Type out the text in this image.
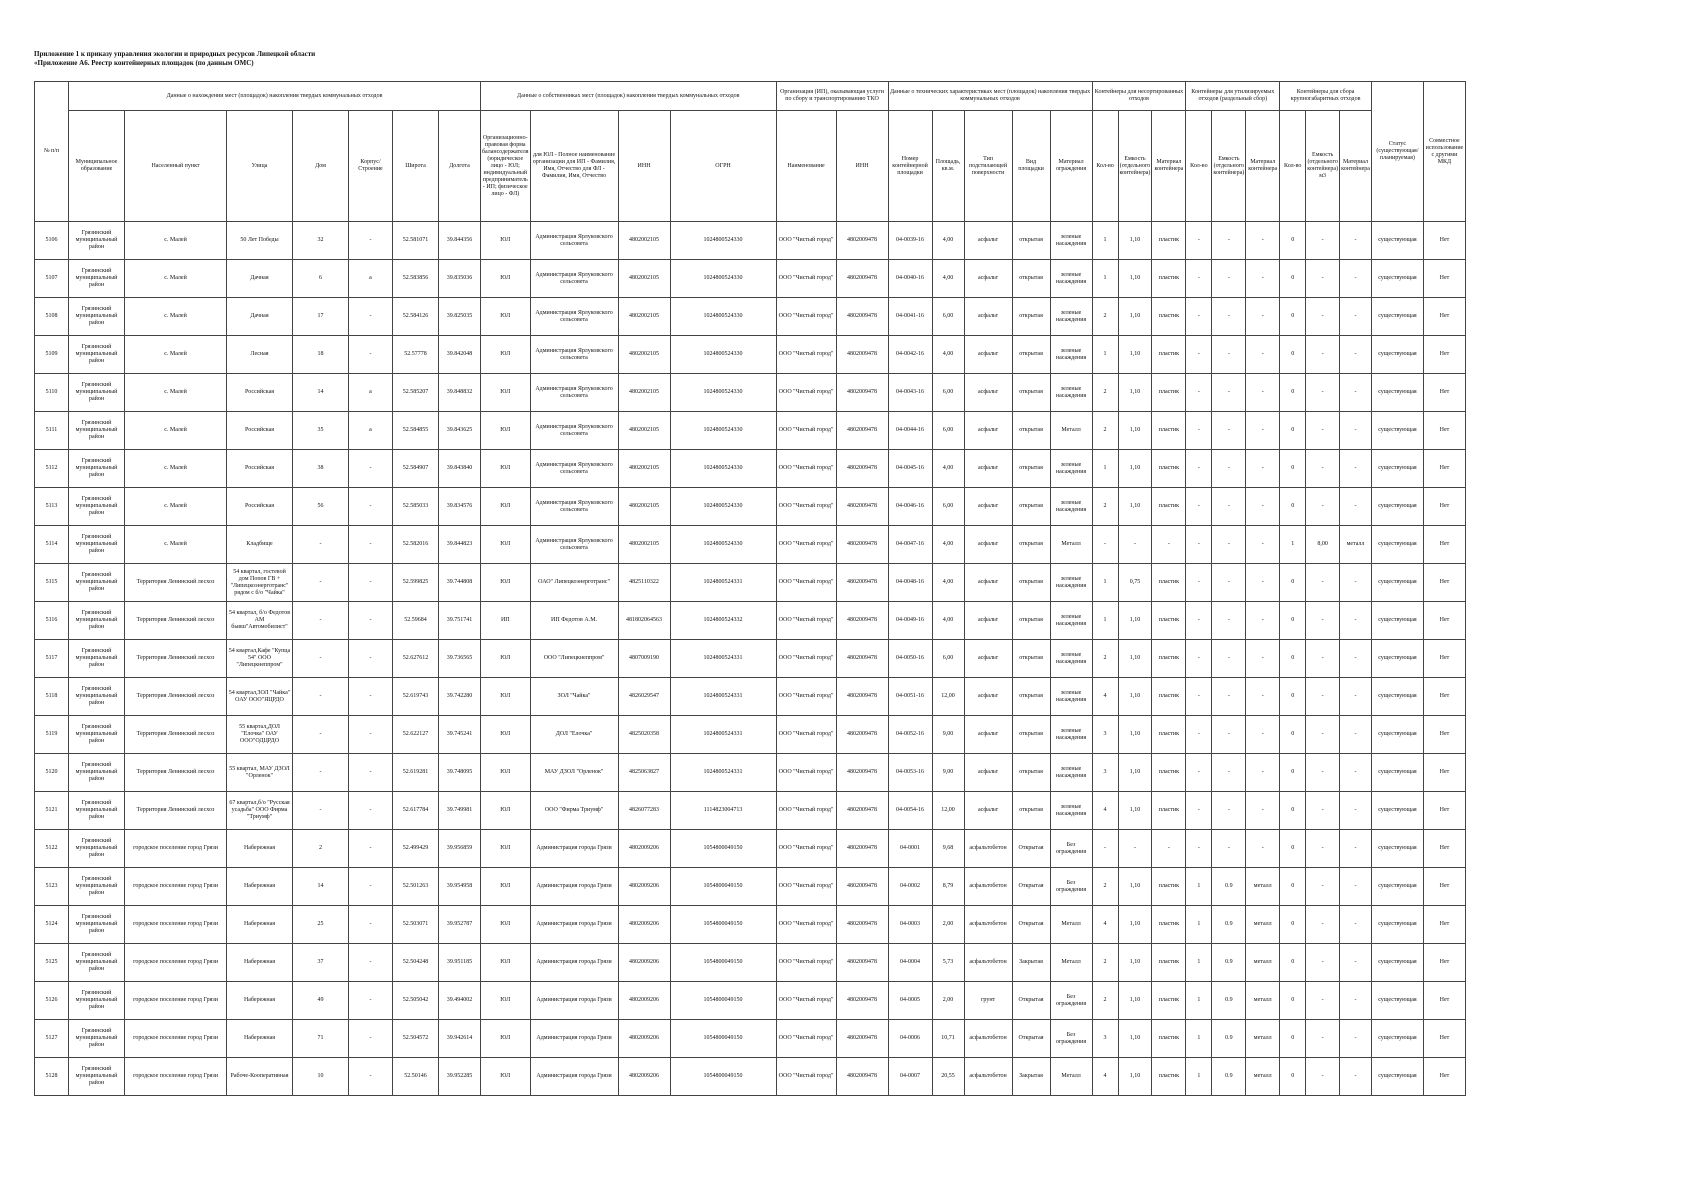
Приложение 1 к приказу управления экологии и природных ресурсов Липецкой области
«Приложение А6. Реестр контейнерных площадок (по данным ОМС)
№ п/п	Данные о нахождении мест (площадок) накопления твердых коммунальных отходов							Данные о собственниках мест (площадок) накопления твердых коммунальных отходов				Организация (ИП), оказывающая услуги по сбору и транспортированию ТКО		Данные о технических характеристиках мест (площадок) накопления твердых коммунальных отходов					Контейнеры для несортированных отходов			Контейнеры для утилизируемых отходов (раздельный сбор)			Контейнеры для сбора крупногабаритных отходов			Статус (существующая/ планируемая)	Совместное использование с другими МКД
	Муниципальное образование	Населенный пункт	Улица	Дом	Корпус/Строение	Широта	Долгота	Организационно-правовая форма балансодержателя (юридическое лицо - ЮЛ; индивидуальный предприниматель - ИП; физическое лицо - ФЛ)	для ЮЛ - Полное наименование организации для ИП - Фамилия, Имя, Отчество для ФЛ - Фамилия, Имя, Отчество	ИНН	ОГРН	Наименование	ИНН	Номер контейнерной площадки	Площадь, кв.м.	Тип подстилающей поверхности	Вид площадки	Материал ограждения	Кол-во	Емкость (отдельного контейнера)	Материал контейнера	Кол-во	Емкость (отдельного контейнера)	Материал контейнера	Кол-во	Емкость (отдельного контейнера) м3	Материал контейнера		
5106	Грязинский муниципальный район	с. Малей	50 Лет Победы	32	-	52.581071	39.844356	ЮЛ	Администрация Ярлуковского сельсовета	4802002105	1024800524330	ООО "Чистый город"	4802009478	04-0039-16	4,00	асфальт	открытая	зеленые насаждения	1	1,10	пластик	-	-	-	0	-	-	существующая	Нет
5107	Грязинский муниципальный район	с. Малей	Дачная	6	а	52.583856	39.835036	ЮЛ	Администрация Ярлуковского сельсовета	4802002105	1024800524330	ООО "Чистый город"	4802009478	04-0040-16	4,00	асфальт	открытая	зеленые насаждения	1	1,10	пластик	-	-	-	0	-	-	существующая	Нет
5108	Грязинский муниципальный район	с. Малей	Дачная	17	-	52.584126	39.825035	ЮЛ	Администрация Ярлуковского сельсовета	4802002105	1024800524330	ООО "Чистый город"	4802009478	04-0041-16	6,00	асфальт	открытая	зеленые насаждения	2	1,10	пластик	-	-	-	0	-	-	существующая	Нет
5109	Грязинский муниципальный район	с. Малей	Лесная	18	-	52.57778	39.842048	ЮЛ	Администрация Ярлуковского сельсовета	4802002105	1024800524330	ООО "Чистый город"	4802009478	04-0042-16	4,00	асфальт	открытая	зеленые насаждения	1	1,10	пластик	-	-	-	0	-	-	существующая	Нет
5110	Грязинский муниципальный район	с. Малей	Российская	14	а	52.585207	39.848832	ЮЛ	Администрация Ярлуковского сельсовета	4802002105	1024800524330	ООО "Чистый город"	4802009478	04-0043-16	6,00	асфальт	открытая	зеленые насаждения	2	1,10	пластик	-	-	-	0	-	-	существующая	Нет
5111	Грязинский муниципальный район	с. Малей	Российская	35	а	52.584855	39.843625	ЮЛ	Администрация Ярлуковского сельсовета	4802002105	1024800524330	ООО "Чистый город"	4802009478	04-0044-16	6,00	асфальт	открытая	Металл	2	1,10	пластик	-	-	-	0	-	-	существующая	Нет
5112	Грязинский муниципальный район	с. Малей	Российская	38	-	52.584907	39.843840	ЮЛ	Администрация Ярлуковского сельсовета	4802002105	1024800524330	ООО "Чистый город"	4802009478	04-0045-16	4,00	асфальт	открытая	зеленые насаждения	1	1,10	пластик	-	-	-	0	-	-	существующая	Нет
5113	Грязинский муниципальный район	с. Малей	Российская	56	-	52.585033	39.834576	ЮЛ	Администрация Ярлуковского сельсовета	4802002105	1024800524330	ООО "Чистый город"	4802009478	04-0046-16	6,00	асфальт	открытая	зеленые насаждения	2	1,10	пластик	-	-	-	0	-	-	существующая	Нет
5114	Грязинский муниципальный район	с. Малей	Кладбище	-	-	52.582016	39.844823	ЮЛ	Администрация Ярлуковского сельсовета	4802002105	1024800524330	ООО "Чистый город"	4802009478	04-0047-16	4,00	асфальт	открытая	Металл	-	-	-	-	-	-	1	8,00	металл	существующая	Нет
5115	Грязинский муниципальный район	Территория Ленинский лесхоз	54 квартал, гостевой дом Попов ГВ + "Липецкоэнерготранс" рядом с б/о "Чайка"	-	-	52.599825	39.744808	ЮЛ	ОАО" Липецкоэнерготранс"	4825110322	1024800524331	ООО "Чистый город"	4802009478	04-0048-16	4,00	асфальт	открытая	зеленые насаждения	1	0,75	пластик	-	-	-	0	-	-	существующая	Нет
5116	Грязинский муниципальный район	Территория Ленинский лесхоз	54 квартал, б/о Федотов АМ бывш"Автомобилист"	-	-	52.59684	39.751741	ИП	ИП Федотов А.М.	481802064563	1024800524332	ООО "Чистый город"	4802009478	04-0049-16	4,00	асфальт	открытая	зеленые насаждения	1	1,10	пластик	-	-	-	0	-	-	существующая	Нет
5117	Грязинский муниципальный район	Территория Ленинский лесхоз	54 квартал,Кафе "Купца 54" ООО "Липецкнеппром"	-	-	52.627612	39.736565	ЮЛ	ООО "Липецкнеппром"	4807009190	1024800524331	ООО "Чистый город"	4802009478	04-0050-16	6,00	асфальт	открытая	зеленые насаждения	2	1,10	пластик	-	-	-	0	-	-	существующая	Нет
5118	Грязинский муниципальный район	Территория Ленинский лесхоз	54 квартал,ЗОЛ "Чайка" ОАУ ООО"ЯЦРДО	-	-	52.619743	39.742280	ЮЛ	ЗОЛ "Чайка"	4826029547	1024800524331	ООО "Чистый город"	4802009478	04-0051-16	12,00	асфальт	открытая	зеленые насаждения	4	1,10	пластик	-	-	-	0	-	-	существующая	Нет
5119	Грязинский муниципальный район	Территория Ленинский лесхоз	55 квартал,ДОЛ "Елочка" ОАУ ООО"ОДЦРДО	-	-	52.622127	39.745241	ЮЛ	ДОЛ "Елочка"	4825020358	1024800524331	ООО "Чистый город"	4802009478	04-0052-16	9,00	асфальт	открытая	зеленые насаждения	3	1,10	пластик	-	-	-	0	-	-	существующая	Нет
5120	Грязинский муниципальный район	Территория Ленинский лесхоз	55 квартал, МАУ ДЗОЛ "Орленок"	-	-	52.619281	39.748095	ЮЛ	МАУ ДЗОЛ "Орленок"	4825063827	1024800524331	ООО "Чистый город"	4802009478	04-0053-16	9,00	асфальт	открытая	зеленые насаждения	3	1,10	пластик	-	-	-	0	-	-	существующая	Нет
5121	Грязинский муниципальный район	Территория Ленинский лесхоз	67 квартал,б/о "Русская усадьба" ООО Фирма "Триумф"	-	-	52.617784	39.749981	ЮЛ	ООО "Фирма Триумф"	4826077283	1114823004713	ООО "Чистый город"	4802009478	04-0054-16	12,00	асфальт	открытая	зеленые насаждения	4	1,10	пластик	-	-	-	0	-	-	существующая	Нет
5122	Грязинский муниципальный район	городское поселение город Грязи	Набережная	2	-	52.499429	39.956859	ЮЛ	Администрация города Грязи	4802009206	1054800049150	ООО "Чистый город"	4802009478	04-0001	9,68	асфальтобетон	Открытая	Без ограждения	-	-	-	-	-	-	0	-	-	существующая	Нет
5123	Грязинский муниципальный район	городское поселение город Грязи	Набережная	14	-	52.501263	39.954958	ЮЛ	Администрация города Грязи	4802009206	1054800049150	ООО "Чистый город"	4802009478	04-0002	8,79	асфальтобетон	Открытая	Без ограждения	2	1,10	пластик	1	0.9	металл	0	-	-	существующая	Нет
5124	Грязинский муниципальный район	городское поселение город Грязи	Набережная	25	-	52.503071	39.952787	ЮЛ	Администрация города Грязи	4802009206	1054800049150	ООО "Чистый город"	4802009478	04-0003	2,00	асфальтобетон	Открытая	Металл	4	1,10	пластик	1	0.9	металл	0	-	-	существующая	Нет
5125	Грязинский муниципальный район	городское поселение город Грязи	Набережная	37	-	52.504248	39.951185	ЮЛ	Администрация города Грязи	4802009206	1054800049150	ООО "Чистый город"	4802009478	04-0004	5,73	асфальтобетон	Закрытая	Металл	2	1,10	пластик	1	0.9	металл	0	-	-	существующая	Нет
5126	Грязинский муниципальный район	городское поселение город Грязи	Набережная	49	-	52.505042	39.494002	ЮЛ	Администрация города Грязи	4802009206	1054800049150	ООО "Чистый город"	4802009478	04-0005	2,00	грунт	Открытая	Без ограждения	2	1,10	пластик	1	0.9	металл	0	-	-	существующая	Нет
5127	Грязинский муниципальный район	городское поселение город Грязи	Набережная	71	-	52.504572	39.942614	ЮЛ	Администрация города Грязи	4802009206	1054800049150	ООО "Чистый город"	4802009478	04-0006	10,71	асфальтобетон	Открытая	Без ограждения	3	1,10	пластик	1	0.9	металл	0	-	-	существующая	Нет
5128	Грязинский муниципальный район	городское поселение город Грязи	Рабоче-Кооперативная	10	-	52.50146	39.952285	ЮЛ	Администрация города Грязи	4802009206	1054800049150	ООО "Чистый город"	4802009478	04-0007	20,55	асфальтобетон	Закрытая	Металл	4	1,10	пластик	1	0.9	металл	0	-	-	существующая	Нет
